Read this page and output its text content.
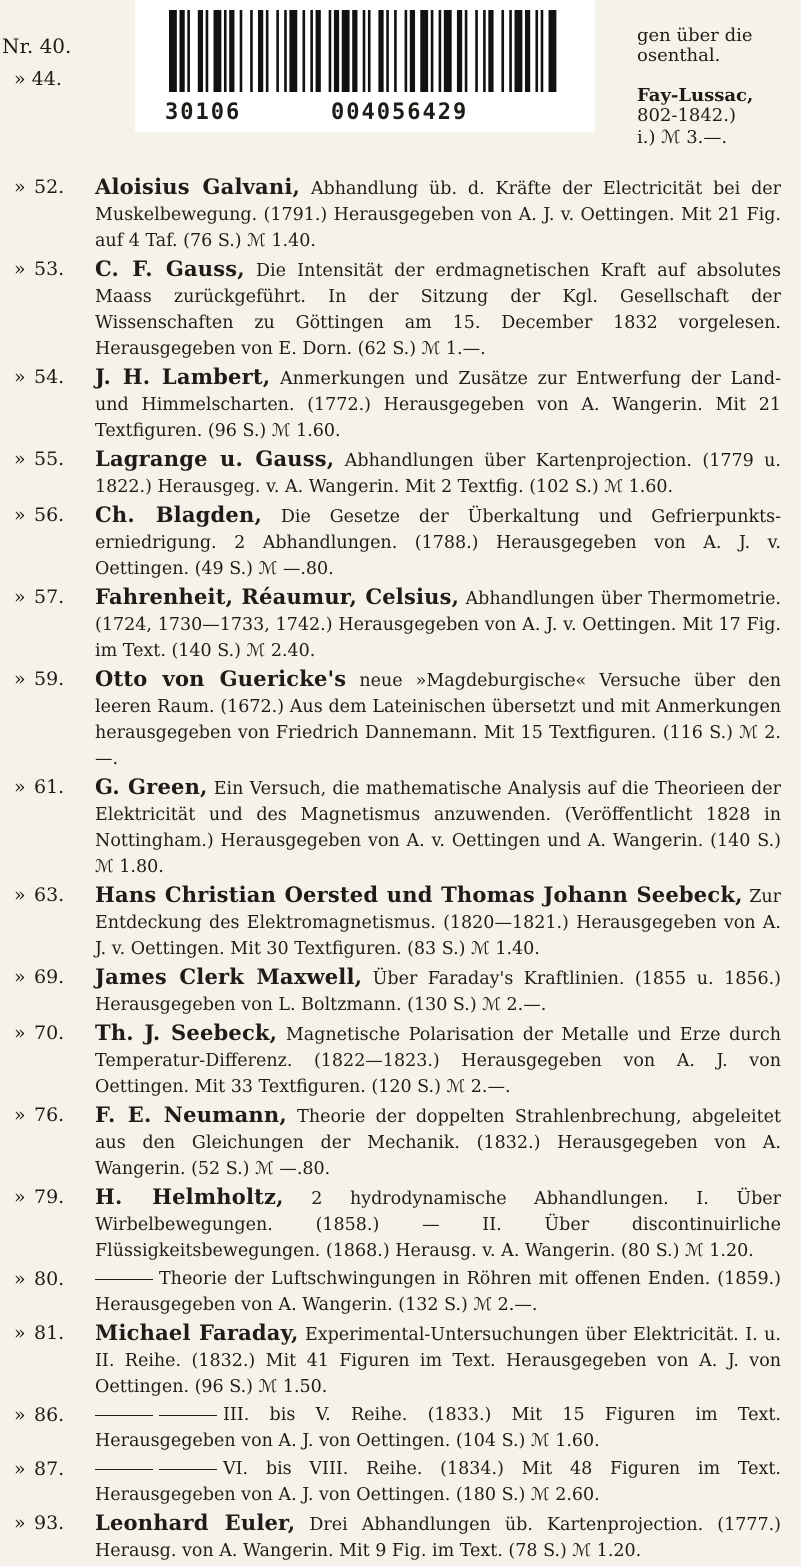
Nr. 40.
» 44.
30106	004056429
gen über die
osenthal.
Fay-Lussac,
802-1842.)
i.) ℳ 3.—.
» 52.	Aloisius Galvani, Abhandlung üb. d. Kräfte der Electricität bei der Muskelbewegung. (1791.) Herausgegeben von A. J. v. Oettingen. Mit 21 Fig. auf 4 Taf. (76 S.) ℳ 1.40.

» 53.	C. F. Gauss, Die Intensität der erdmagnetischen Kraft auf absolutes Maass zurückgeführt. In der Sitzung der Kgl. Gesellschaft der Wissenschaften zu Göttingen am 15. December 1832 vorgelesen. Herausgegeben von E. Dorn. (62 S.) ℳ 1.—.

» 54.	J. H. Lambert, Anmerkungen und Zusätze zur Entwerfung der Land- und Himmelscharten. (1772.) Herausgegeben von A. Wangerin. Mit 21 Textfiguren. (96 S.) ℳ 1.60.

» 55.	Lagrange u. Gauss, Abhandlungen über Kartenprojection. (1779 u. 1822.) Herausgeg. v. A. Wangerin. Mit 2 Textfig. (102 S.) ℳ 1.60.

» 56.	Ch. Blagden, Die Gesetze der Überkaltung und Gefrierpunkts-erniedrigung. 2 Abhandlungen. (1788.) Herausgegeben von A. J. v. Oettingen. (49 S.) ℳ —.80.

» 57.	Fahrenheit, Réaumur, Celsius, Abhandlungen über Thermometrie. (1724, 1730—1733, 1742.) Herausgegeben von A. J. v. Oettingen. Mit 17 Fig. im Text. (140 S.) ℳ 2.40.

» 59.	Otto von Guericke's neue »Magdeburgische« Versuche über den leeren Raum. (1672.) Aus dem Lateinischen übersetzt und mit Anmerkungen herausgegeben von Friedrich Dannemann. Mit 15 Textfiguren. (116 S.) ℳ 2.—.

» 61.	G. Green, Ein Versuch, die mathematische Analysis auf die Theorieen der Elektricität und des Magnetismus anzuwenden. (Veröffentlicht 1828 in Nottingham.) Herausgegeben von A. v. Oettingen und A. Wangerin. (140 S.) ℳ 1.80.

» 63.	Hans Christian Oersted und Thomas Johann Seebeck, Zur Entdeckung des Elektromagnetismus. (1820—1821.) Herausgegeben von A. J. v. Oettingen. Mit 30 Textfiguren. (83 S.) ℳ 1.40.

» 69.	James Clerk Maxwell, Über Faraday's Kraftlinien. (1855 u. 1856.) Herausgegeben von L. Boltzmann. (130 S.) ℳ 2.—.

» 70.	Th. J. Seebeck, Magnetische Polarisation der Metalle und Erze durch Temperatur-Differenz. (1822—1823.) Herausgegeben von A. J. von Oettingen. Mit 33 Textfiguren. (120 S.) ℳ 2.—.

» 76.	F. E. Neumann, Theorie der doppelten Strahlenbrechung, abgeleitet aus den Gleichungen der Mechanik. (1832.) Herausgegeben von A. Wangerin. (52 S.) ℳ —.80.

» 79.	H. Helmholtz, 2 hydrodynamische Abhandlungen. I. Über Wirbelbewegungen. (1858.) — II. Über discontinuirliche Flüssigkeitsbewegungen. (1868.) Herausg. v. A. Wangerin. (80 S.) ℳ 1.20.

» 80.	Theorie der Luftschwingungen in Röhren mit offenen Enden. (1859.) Herausgegeben von A. Wangerin. (132 S.) ℳ 2.—.

» 81.	Michael Faraday, Experimental-Untersuchungen über Elektricität. I. u. II. Reihe. (1832.) Mit 41 Figuren im Text. Herausgegeben von A. J. von Oettingen. (96 S.) ℳ 1.50.

» 86.	III. bis V. Reihe. (1833.) Mit 15 Figuren im Text. Herausgegeben von A. J. von Oettingen. (104 S.) ℳ 1.60.

» 87.	VI. bis VIII. Reihe. (1834.) Mit 48 Figuren im Text. Herausgegeben von A. J. von Oettingen. (180 S.) ℳ 2.60.

» 93.	Leonhard Euler, Drei Abhandlungen üb. Kartenprojection. (1777.) Herausg. von A. Wangerin. Mit 9 Fig. im Text. (78 S.) ℳ 1.20.
